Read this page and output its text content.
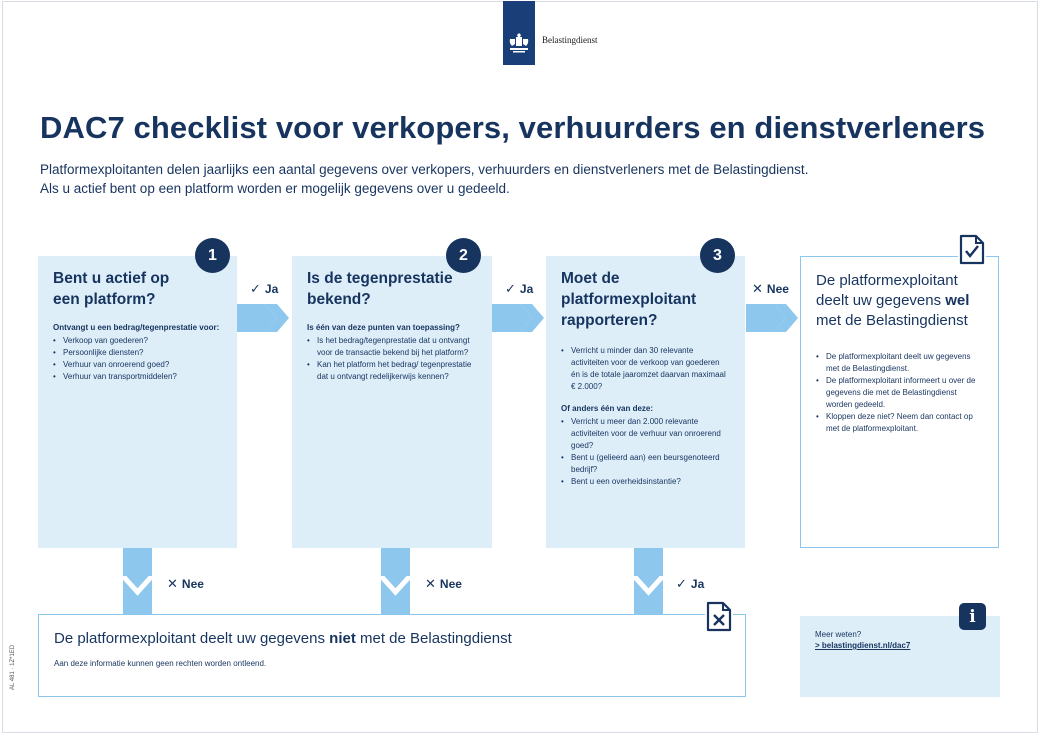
Belastingdienst
DAC7 checklist voor verkopers, verhuurders en dienstverleners
Platformexploitanten delen jaarlijks een aantal gegevens over verkopers, verhuurders en dienstverleners met de Belastingdienst.
Als u actief bent op een platform worden er mogelijk gegevens over u gedeeld.
Bent u actief op een platform?
Ontvangt u een bedrag/tegenprestatie voor:
• Verkoop van goederen?
• Persoonlijke diensten?
• Verhuur van onroerend goed?
• Verhuur van transportmiddelen?
1
✓ Ja
Is de tegenprestatie bekend?
Is één van deze punten van toepassing?
• Is het bedrag/tegenprestatie dat u ontvangt voor de transactie bekend bij het platform?
• Kan het platform het bedrag/ tegenprestatie dat u ontvangt redelijkerwijs kennen?
2
✓ Ja
Moet de platformexploitant rapporteren?
• Verricht u minder dan 30 relevante activiteiten voor de verkoop van goederen én is de totale jaaromzet daarvan maximaal € 2.000?
Of anders één van deze:
• Verricht u meer dan 2.000 relevante activiteiten voor de verhuur van onroerend goed?
• Bent u (gelieerd aan) een beursgenoteerd bedrijf?
• Bent u een overheidsinstantie?
3
✕ Nee De platformexploitant deelt uw gegevens wel met de Belastingdienst
• De platformexploitant deelt uw gegevens met de Belastingdienst.
• De platformexploitant informeert u over de gegevens die met de Belastingdienst worden gedeeld.
• Kloppen deze niet? Neem dan contact op met de platformexploitant.
✕ Nee	✕ Nee	✓ Ja
De platformexploitant deelt uw gegevens niet met de Belastingdienst
Aan deze informatie kunnen geen rechten worden ontleend.
Meer weten?
> belastingdienst.nl/dac7
i
AL 481 · 1Z*1ED
